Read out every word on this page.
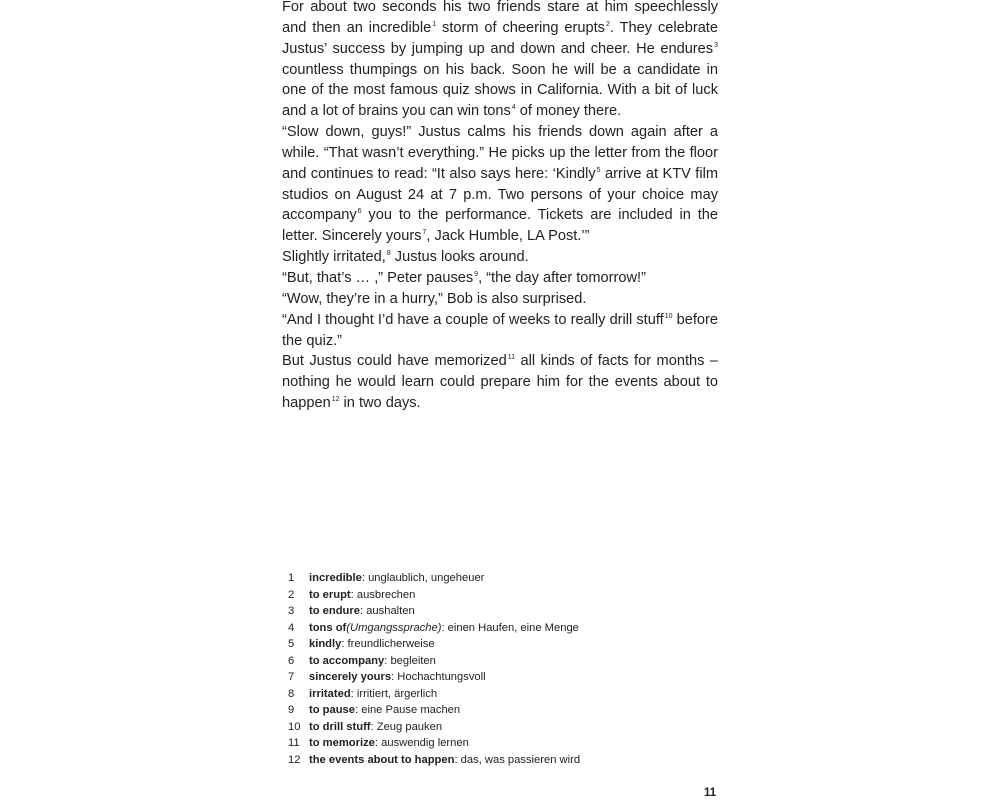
For about two seconds his two friends stare at him speechlessly and then an incredible$^1$ storm of cheering erupts$^2$. They celebrate Justus’ success by jumping up and down and cheer. He endures$^3$ countless thumpings on his back. Soon he will be a candidate in one of the most famous quiz shows in California. With a bit of luck and a lot of brains you can win tons$^4$ of money there.

“Slow down, guys!” Justus calms his friends down again after a while. “That wasn’t everything.” He picks up the letter from the floor and continues to read: “It also says here: ‘Kindly$^5$ arrive at KTV film studios on August 24 at 7 p.m. Two persons of your choice may accompany$^6$ you to the performance. Tickets are included in the letter. Sincerely yours$^7$, Jack Humble, LA Post.’”

Slightly irritated,$^8$ Justus looks around.

“But, that’s … ,” Peter pauses$^9$, “the day after tomorrow!”

“Wow, they’re in a hurry,” Bob is also surprised.

“And I thought I’d have a couple of weeks to really drill stuff$^{10}$ before the quiz.”

But Justus could have memorized$^{11}$ all kinds of facts for months – nothing he would learn could prepare him for the events about to happen$^{12}$ in two days.

1	incredible : unglaublich, ungeheuer
2	to erupt : ausbrechen
3	to endure : aushalten
4	tons of (Umgangssprache) : einen Haufen, eine Menge
5	kindly : freundlicherweise
6	to accompany : begleiten
7	sincerely yours : Hochachtungsvoll
8	irritated : irritiert, ärgerlich
9	to pause : eine Pause machen
10 to drill stuff : Zeug pauken
11 to memorize : auswendig lernen
12 the events about to happen : das, was passieren wird
11
